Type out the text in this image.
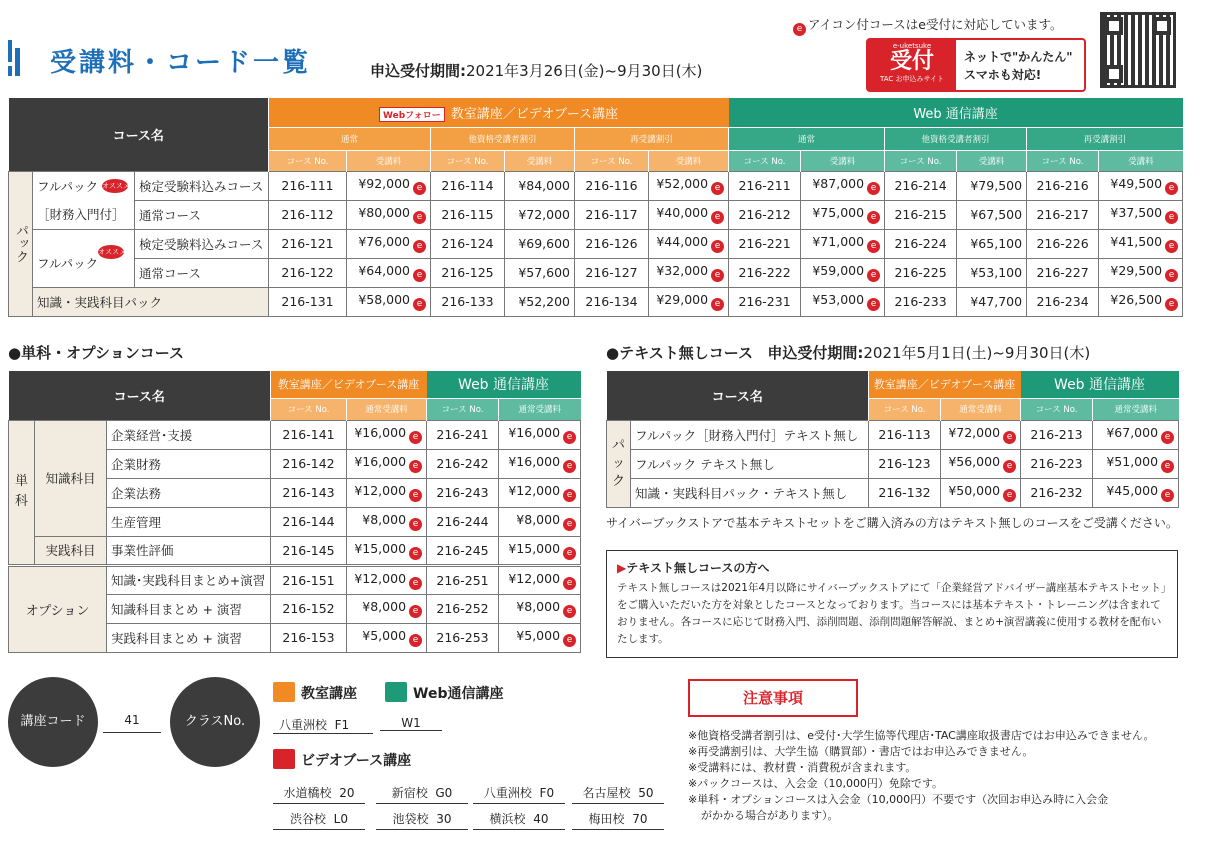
受講料・コード一覧	申込受付期間:2021年3月26日(金)~9月30日(木)
e アイコン付コースはe受付に対応しています。
e-uketsuke
受付
TAC お申込みサイト
ネットで"かんたん"
スマホも対応!
コース名			Webフォロー 教室講座／ビデオブース講座						Web 通信講座					
			通常		他資格受講者割引		再受講割引		通常		他資格受講者割引		再受講割引	
			コース No.	受講料	コース No.	受講料	コース No.	受講料	コース No.	受講料	コース No.	受講料	コース No.	受講料
パック	フルパック オススメ	検定受験料込みコース	216-111	¥92,000 e	216-114	¥84,000	216-116	¥52,000 e	216-211	¥87,000 e	216-214	¥79,500	216-216	¥49,500 e
	［財務入門付］	通常コース	216-112	¥80,000 e	216-115	¥72,000	216-117	¥40,000 e	216-212	¥75,000 e	216-215	¥67,500	216-217	¥37,500 e
	フルパックオススメ	検定受験料込みコース	216-121	¥76,000 e	216-124	¥69,600	216-126	¥44,000 e	216-221	¥71,000 e	216-224	¥65,100	216-226	¥41,500 e
		通常コース	216-122	¥64,000 e	216-125	¥57,600	216-127	¥32,000 e	216-222	¥59,000 e	216-225	¥53,100	216-227	¥29,500 e
	知識・実践科目パック		216-131	¥58,000 e	216-133	¥52,200	216-134	¥29,000 e	216-231	¥53,000 e	216-233	¥47,700	216-234	¥26,500 e
●単科・オプションコース
コース名			教室講座／ビデオブース講座		Web 通信講座	
			コース No.	通常受講料	コース No.	通常受講料
単科	知識科目	企業経営･支援	216-141	¥16,000 e	216-241	¥16,000 e
		企業財務	216-142	¥16,000 e	216-242	¥16,000 e
		企業法務	216-143	¥12,000 e	216-243	¥12,000 e
		生産管理	216-144	¥8,000 e	216-244	¥8,000 e
	実践科目	事業性評価	216-145	¥15,000 e	216-245	¥15,000 e
オプション		知識･実践科目まとめ+演習	216-151	¥12,000 e	216-251	¥12,000 e
		知識科目まとめ + 演習	216-152	¥8,000 e	216-252	¥8,000 e
		実践科目まとめ + 演習	216-153	¥5,000 e	216-253	¥5,000 e
●テキスト無しコース 申込受付期間:2021年5月1日(土)~9月30日(木)
コース名		教室講座／ビデオブース講座		Web 通信講座	
		コース No.	通常受講料	コース No.	通常受講料
パック	フルパック［財務入門付］テキスト無し	216-113	¥72,000 e	216-213	¥67,000 e
	フルパック テキスト無し	216-123	¥56,000 e	216-223	¥51,000 e
	知識・実践科目パック・テキスト無し	216-132	¥50,000 e	216-232	¥45,000 e
サイバーブックストアで基本テキストセットをご購入済みの方はテキスト無しのコースをご受講ください。
▶テキスト無しコースの方へ
テキスト無しコースは2021年4月以降にサイバーブックストアにて「企業経営アドバイザー講座基本テキストセット」をご購入いただいた方を対象としたコースとなっております。当コースには基本テキスト・トレーニングは含まれておりません。各コースに応じて財務入門、添削問題、添削問題解答解説、まとめ+演習講義に使用する教材を配布いたします。
講座コード	41	クラスNo.
教室講座	Web通信講座
八重洲校 F1	W1
ビデオブース講座
水道橋校 20	新宿校 G0	八重洲校 F0	名古屋校 50
渋谷校 L0	池袋校 30	横浜校 40	梅田校 70
注意事項
※他資格受講者割引は、e受付･大学生協等代理店･TAC講座取扱書店ではお申込みできません。
※再受講割引は、大学生協（購買部）・書店ではお申込みできません。
※受講料には、教材費・消費税が含まれます。
※パックコースは、入会金（10,000円）免除です。
※単科・オプションコースは入会金（10,000円）不要です（次回お申込み時に入会金
がかかる場合があります）。
